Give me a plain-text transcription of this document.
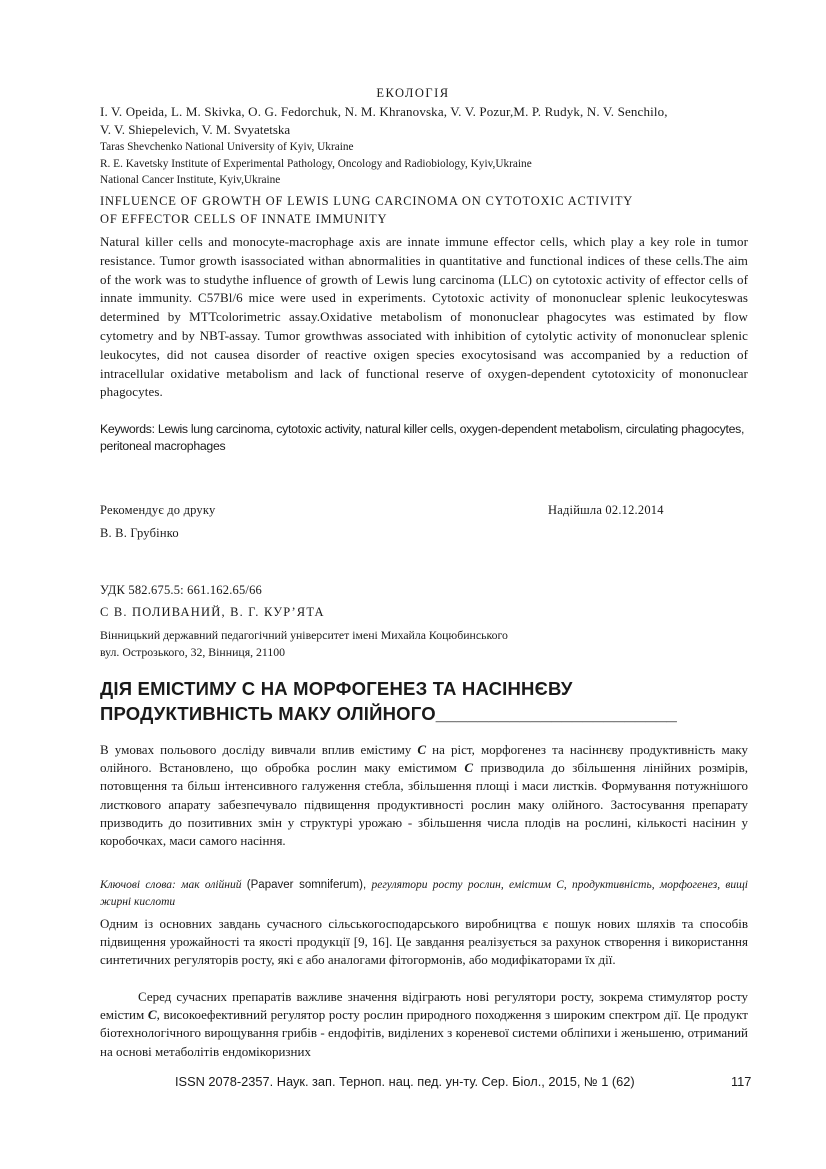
ЕКОЛОГІЯ
I. V. Opeida, L. M. Skivka, O. G. Fedorchuk, N. M. Khranovska, V. V. Pozur,M. P. Rudyk, N. V. Senchilo,
V. V. Shiepelevich, V. M. Svyatetska
Taras Shevchenko National University of Kyiv, Ukraine
R. E. Kavetsky Institute of Experimental Pathology, Oncology and Radiobiology, Kyiv,Ukraine
National Cancer Institute, Kyiv,Ukraine
INFLUENCE OF GROWTH OF LEWIS LUNG CARCINOMA ON CYTOTOXIC ACTIVITY
OF EFFECTOR CELLS OF INNATE IMMUNITY
Natural killer cells and monocyte-macrophage axis are innate immune effector cells, which play a key role in tumor resistance. Tumor growth isassociated withan abnormalities in quantitative and functional indices of these cells.The aim of the work was to studythe influence of growth of Lewis lung carcinoma (LLC) on cytotoxic activity of effector cells of innate immunity. C57Bl/6 mice were used in experiments. Cytotoxic activity of mononuclear splenic leukocyteswas determined by MTTcolorimetric assay.Oxidative metabolism of mononuclear phagocytes was estimated by flow cytometry and by NBT-assay. Tumor growthwas associated with inhibition of cytolytic activity of mononuclear splenic leukocytes, did not causea disorder of reactive oxigen species exocytosisand was accompanied by a reduction of intracellular oxidative metabolism and lack of functional reserve of oxygen-dependent cytotoxicity of mononuclear phagocytes.
Keywords: Lewis lung carcinoma, cytotoxic activity, natural killer cells, oxygen-dependent metabolism, circulating phagocytes, peritoneal macrophages
Рекомендує до друку	Надійшла 02.12.2014
В. В. Грубінко
УДК 582.675.5: 661.162.65/66
С В. ПОЛИВАНИЙ, В. Г. КУР’ЯТА
Вінницький державний педагогічний університет імені Михайла Коцюбинського
вул. Острозького, 32, Вінниця, 21100
ДІЯ ЕМІСТИМУ С НА МОРФОГЕНЕЗ ТА НАСІННЄВУ
ПРОДУКТИВНІСТЬ МАКУ ОЛІЙНОГО_______________________
В умовах польового досліду вивчали вплив емістиму С на ріст, морфогенез та насіннєву продуктивність маку олійного. Встановлено, що обробка рослин маку емістимом С призводила до збільшення лінійних розмірів, потовщення та більш інтенсивного галуження стебла, збільшення площі і маси листків. Формування потужнішого листкового апарату забезпечувало підвищення продуктивності рослин маку олійного. Застосування препарату призводить до позитивних змін у структурі урожаю - збільшення числа плодів на рослині, кількості насінин у коробочках, маси самого насіння.
Ключові слова: мак олійний (Papaver somniferum), регулятори росту рослин, емістим С, продуктивність, морфогенез, вищі жирні кислоти
Одним із основних завдань сучасного сільськогосподарського виробництва є пошук нових шляхів та способів підвищення урожайності та якості продукції [9, 16]. Це завдання реалізується за рахунок створення і використання синтетичних регуляторів росту, які є або аналогами фітогормонів, або модифікаторами їх дії.
Серед сучасних препаратів важливе значення відіграють нові регулятори росту, зокрема стимулятор росту емістим С, високоефективний регулятор росту рослин природного походження з широким спектром дії. Це продукт біотехнологічного вирощування грибів - ендофітів, виділених з кореневої системи обліпихи і женьшеню, отриманий на основі метаболітів ендомікоризних
ISSN 2078-2357. Наук. зап. Терноп. нац. пед. ун-ту. Сер. Біол., 2015, № 1 (62)	117
